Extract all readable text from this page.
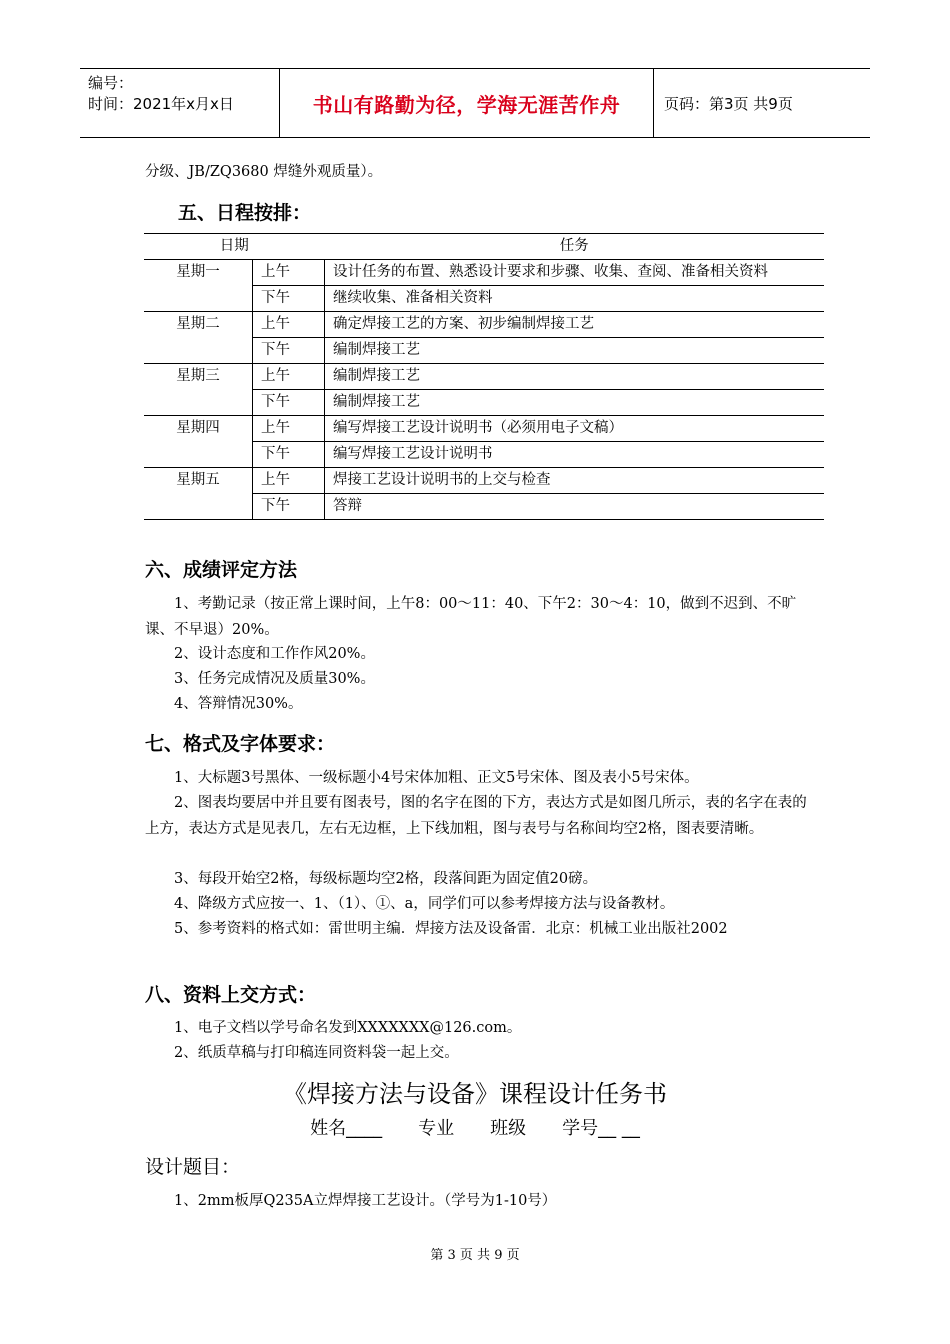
编号：
时间：2021年x月x日	书山有路勤为径，学海无涯苦作舟	页码：第3页 共9页
分级、JB/ZQ3680 焊缝外观质量）。
五、日程按排：
日期		任务
星期一	上午	设计任务的布置、熟悉设计要求和步骤、收集、查阅、准备相关资料
	下午	继续收集、准备相关资料
星期二	上午	确定焊接工艺的方案、初步编制焊接工艺
	下午	编制焊接工艺
星期三	上午	编制焊接工艺
	下午	编制焊接工艺
星期四	上午	编写焊接工艺设计说明书（必须用电子文稿）
	下午	编写焊接工艺设计说明书
星期五	上午	焊接工艺设计说明书的上交与检查
	下午	答辩
六、成绩评定方法
1、考勤记录（按正常上课时间，上午8：00～11：40、下午2：30～4：10，做到不迟到、不旷课、不早退）20%。
2、设计态度和工作作风20%。
3、任务完成情况及质量30%。
4、答辩情况30%。
七、格式及字体要求：
1、大标题3号黑体、一级标题小4号宋体加粗、正文5号宋体、图及表小5号宋体。
2、图表均要居中并且要有图表号，图的名字在图的下方，表达方式是如图几所示，表的名字在表的上方，表达方式是见表几，左右无边框，上下线加粗，图与表号与名称间均空2格，图表要清晰。
3、每段开始空2格，每级标题均空2格，段落间距为固定值20磅。
4、降级方式应按一、1、（1）、①、a，同学们可以参考焊接方法与设备教材。
5、参考资料的格式如：雷世明主编．焊接方法及设备雷．北京：机械工业出版社2002
八、资料上交方式：
1、电子文档以学号命名发到XXXXXXX@126.com。
2、纸质草稿与打印稿连同资料袋一起上交。
《焊接方法与设备》课程设计任务书
姓名____ 专业 班级 学号__ __
设计题目：
1、2mm板厚Q235A立焊焊接工艺设计。（学号为1-10号）
第 3 页 共 9 页
